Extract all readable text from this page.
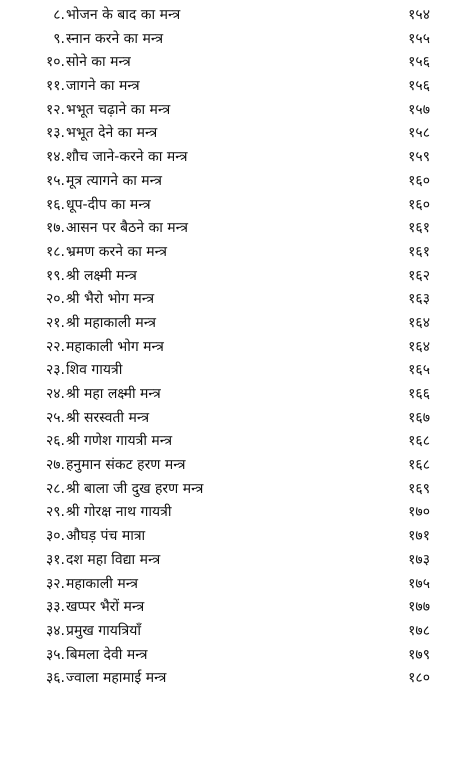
८. भोजन के बाद का मन्त्र	१५४
९. स्नान करने का मन्त्र	१५५
१०. सोने का मन्त्र	१५६
११. जागने का मन्त्र	१५६
१२. भभूत चढ़ाने का मन्त्र	१५७
१३. भभूत देने का मन्त्र	१५८
१४. शौच जाने-करने का मन्त्र	१५९
१५. मूत्र त्यागने का मन्त्र	१६०
१६. धूप-दीप का मन्त्र	१६०
१७. आसन पर बैठने का मन्त्र	१६१
१८. भ्रमण करने का मन्त्र	१६१
१९. श्री लक्ष्मी मन्त्र	१६२
२०. श्री भैरो भोग मन्त्र	१६३
२१. श्री महाकाली मन्त्र	१६४
२२. महाकाली भोग मन्त्र	१६४
२३. शिव गायत्री	१६५
२४. श्री महा लक्ष्मी मन्त्र	१६६
२५. श्री सरस्वती मन्त्र	१६७
२६. श्री गणेश गायत्री मन्त्र	१६८
२७. हनुमान संकट हरण मन्त्र	१६८
२८. श्री बाला जी दुख हरण मन्त्र	१६९
२९. श्री गोरक्ष नाथ गायत्री	१७०
३०. औघड़ पंच मात्रा	१७१
३१. दश महा विद्या मन्त्र	१७३
३२. महाकाली मन्त्र	१७५
३३. खप्पर भैरों मन्त्र	१७७
३४. प्रमुख गायत्रियाँ	१७८
३५. बिमला देवी मन्त्र	१७९
३६. ज्वाला महामाई मन्त्र	१८०
